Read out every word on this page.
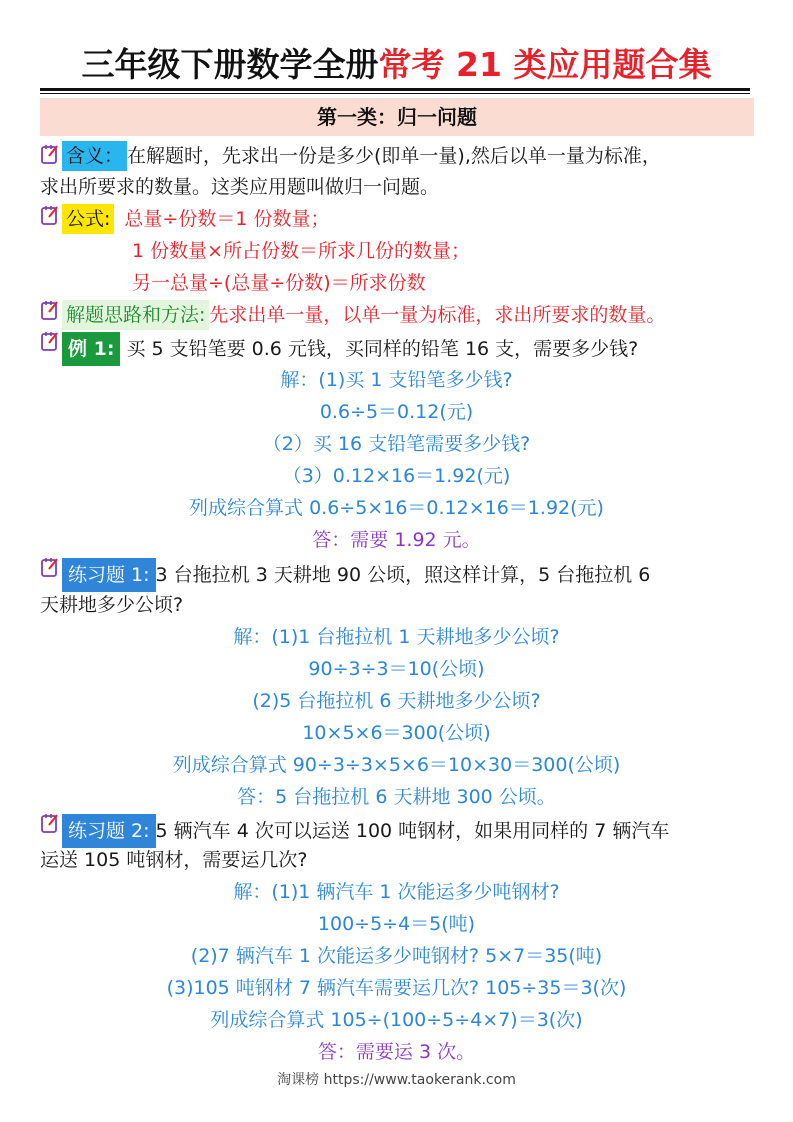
三年级下册数学全册常考 21 类应用题合集
第一类：归一问题
含义： 在解题时，先求出一份是多少(即单一量),然后以单一量为标准，
求出所要求的数量。这类应用题叫做归一问题。
公式: 总量÷份数＝1 份数量；
1 份数量×所占份数＝所求几份的数量；
另一总量÷(总量÷份数)＝所求份数
解题思路和方法: 先求出单一量，以单一量为标准，求出所要求的数量。
例 1: 买 5 支铅笔要 0.6 元钱，买同样的铅笔 16 支，需要多少钱?
解：(1)买 1 支铅笔多少钱?
0.6÷5＝0.12(元)
（2）买 16 支铅笔需要多少钱?
（3）0.12×16＝1.92(元)
列成综合算式 0.6÷5×16＝0.12×16＝1.92(元)
答：需要 1.92 元。
练习题 1: 3 台拖拉机 3 天耕地 90 公顷，照这样计算，5 台拖拉机 6
天耕地多少公顷?
解：(1)1 台拖拉机 1 天耕地多少公顷?
90÷3÷3＝10(公顷)
(2)5 台拖拉机 6 天耕地多少公顷?
10×5×6＝300(公顷)
列成综合算式 90÷3÷3×5×6＝10×30＝300(公顷)
答：5 台拖拉机 6 天耕地 300 公顷。
练习题 2: 5 辆汽车 4 次可以运送 100 吨钢材，如果用同样的 7 辆汽车
运送 105 吨钢材，需要运几次?
解：(1)1 辆汽车 1 次能运多少吨钢材?
100÷5÷4＝5(吨)
(2)7 辆汽车 1 次能运多少吨钢材? 5×7＝35(吨)
(3)105 吨钢材 7 辆汽车需要运几次? 105÷35＝3(次)
列成综合算式 105÷(100÷5÷4×7)＝3(次)
答：需要运 3 次。
淘课榜 https://www.taokerank.com
